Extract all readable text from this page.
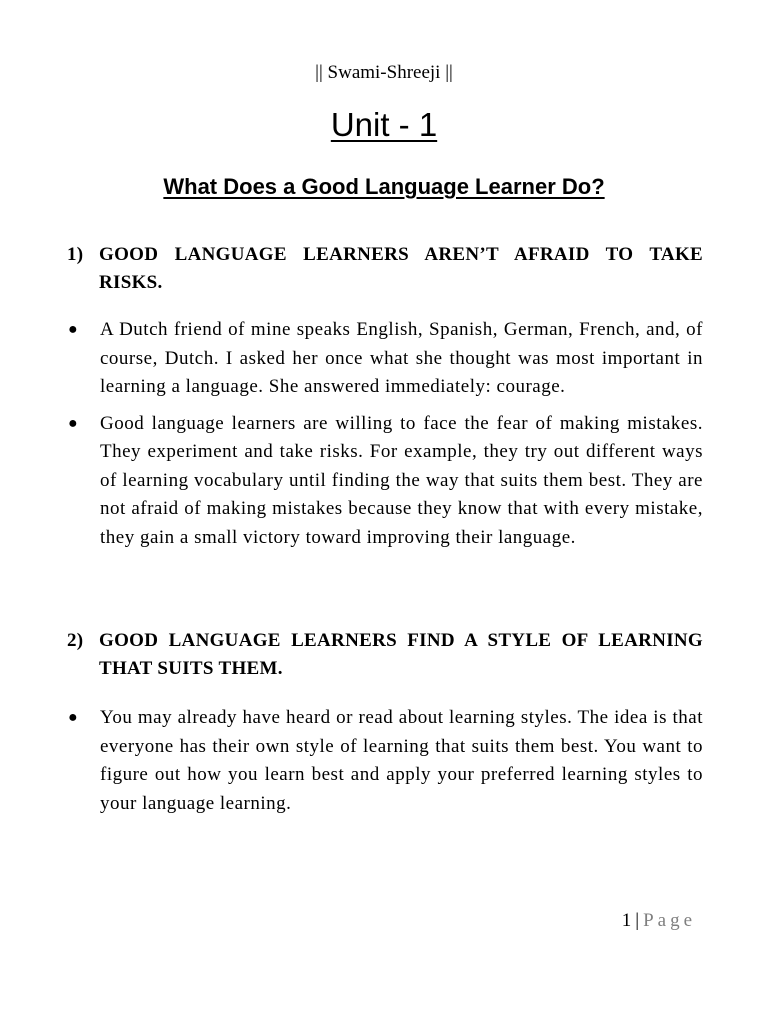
|| Swami-Shreeji ||
Unit - 1
What Does a Good Language Learner Do?
1) GOOD LANGUAGE LEARNERS AREN’T AFRAID TO TAKE RISKS.
●	A Dutch friend of mine speaks English, Spanish, German, French, and, of course, Dutch. I asked her once what she thought was most important in learning a language. She answered immediately: courage.
●	Good language learners are willing to face the fear of making mistakes. They experiment and take risks. For example, they try out different ways of learning vocabulary until finding the way that suits them best. They are not afraid of making mistakes because they know that with every mistake, they gain a small victory toward improving their language.
2) GOOD LANGUAGE LEARNERS FIND A STYLE OF LEARNING THAT SUITS THEM.
●	You may already have heard or read about learning styles. The idea is that everyone has their own style of learning that suits them best. You want to figure out how you learn best and apply your preferred learning styles to your language learning.
1 | Page
